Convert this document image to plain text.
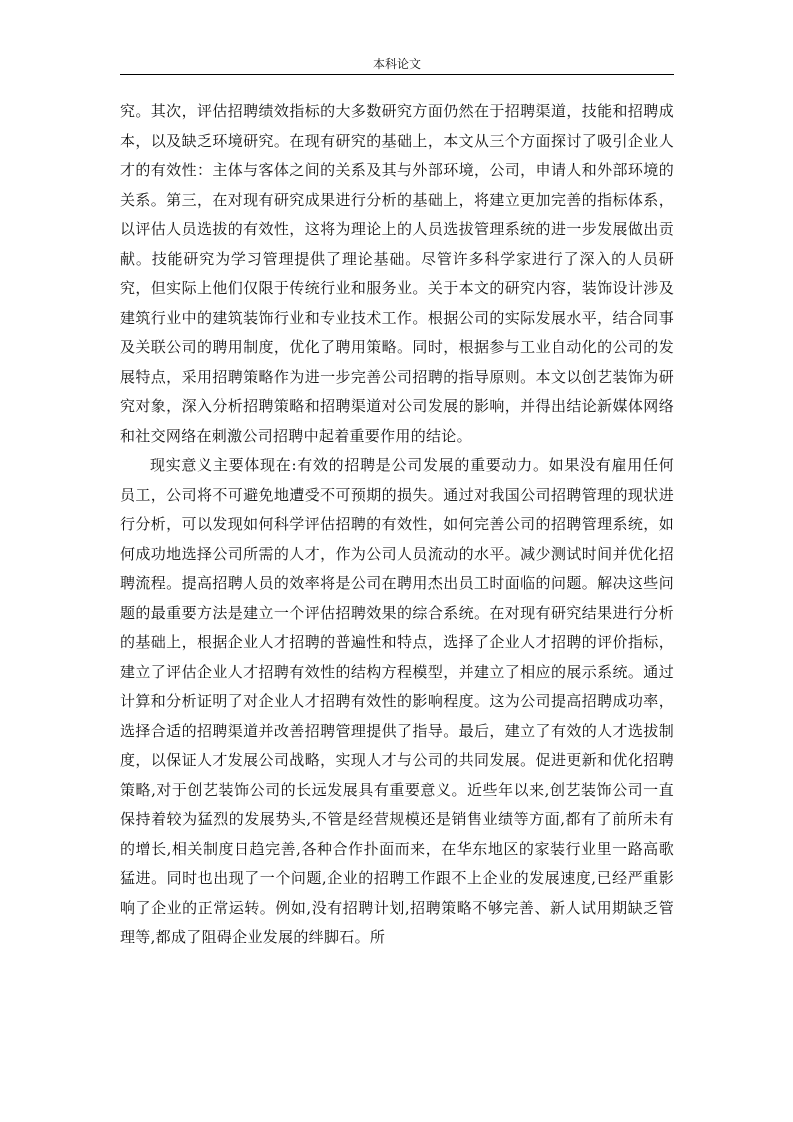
本科论文

究。其次，评估招聘绩效指标的大多数研究方面仍然在于招聘渠道，技能和招聘成本，以及缺乏环境研究。在现有研究的基础上，本文从三个方面探讨了吸引企业人才的有效性：主体与客体之间的关系及其与外部环境，公司，申请人和外部环境的关系。第三，在对现有研究成果进行分析的基础上，将建立更加完善的指标体系，以评估人员选拔的有效性，这将为理论上的人员选拔管理系统的进一步发展做出贡献。技能研究为学习管理提供了理论基础。尽管许多科学家进行了深入的人员研究，但实际上他们仅限于传统行业和服务业。关于本文的研究内容，装饰设计涉及建筑行业中的建筑装饰行业和专业技术工作。根据公司的实际发展水平，结合同事及关联公司的聘用制度，优化了聘用策略。同时，根据参与工业自动化的公司的发展特点，采用招聘策略作为进一步完善公司招聘的指导原则。本文以创艺装饰为研究对象，深入分析招聘策略和招聘渠道对公司发展的影响，并得出结论新媒体网络和社交网络在刺激公司招聘中起着重要作用的结论。

现实意义主要体现在:有效的招聘是公司发展的重要动力。如果没有雇用任何员工，公司将不可避免地遭受不可预期的损失。通过对我国公司招聘管理的现状进行分析，可以发现如何科学评估招聘的有效性，如何完善公司的招聘管理系统，如何成功地选择公司所需的人才，作为公司人员流动的水平。减少测试时间并优化招聘流程。提高招聘人员的效率将是公司在聘用杰出员工时面临的问题。解决这些问题的最重要方法是建立一个评估招聘效果的综合系统。在对现有研究结果进行分析的基础上，根据企业人才招聘的普遍性和特点，选择了企业人才招聘的评价指标，建立了评估企业人才招聘有效性的结构方程模型，并建立了相应的展示系统。通过计算和分析证明了对企业人才招聘有效性的影响程度。这为公司提高招聘成功率，选择合适的招聘渠道并改善招聘管理提供了指导。最后，建立了有效的人才选拔制度，以保证人才发展公司战略，实现人才与公司的共同发展。促进更新和优化招聘策略,对于创艺装饰公司的长远发展具有重要意义。近些年以来,创艺装饰公司一直保持着较为猛烈的发展势头,不管是经营规模还是销售业绩等方面,都有了前所未有的增长,相关制度日趋完善,各种合作扑面而来，在华东地区的家装行业里一路高歌猛进。同时也出现了一个问题,企业的招聘工作跟不上企业的发展速度,已经严重影响了企业的正常运转。例如,没有招聘计划,招聘策略不够完善、新人试用期缺乏管理等,都成了阻碍企业发展的绊脚石。所
